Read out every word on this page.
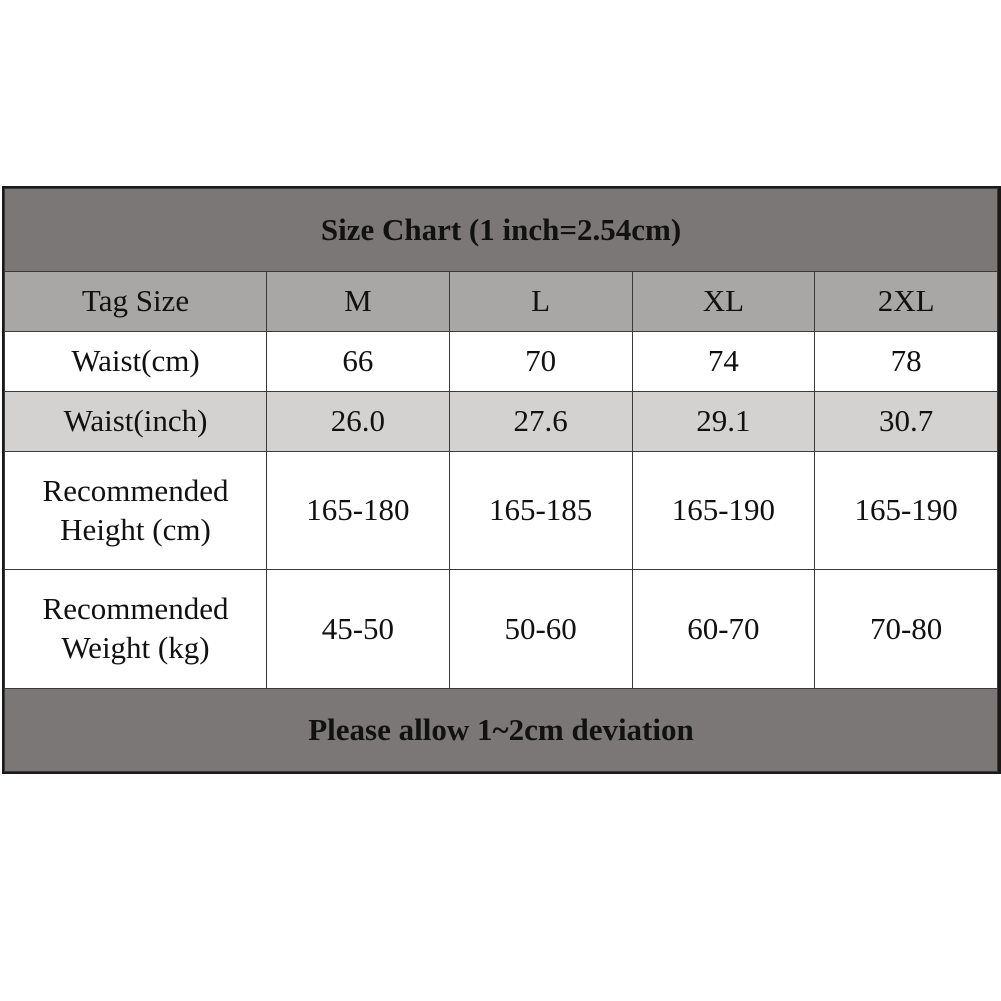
Size Chart (1 inch=2.54cm)				
Tag Size	M	L	XL	2XL

Waist(cm)	66	70	74	78

Waist(inch)	26.0	27.6	29.1	30.7

Recommended
Height (cm)	165-180	165-185	165-190	165-190

Recommended
Weight (kg)	45-50	50-60	60-70	70-80
Please allow 1~2cm deviation				
